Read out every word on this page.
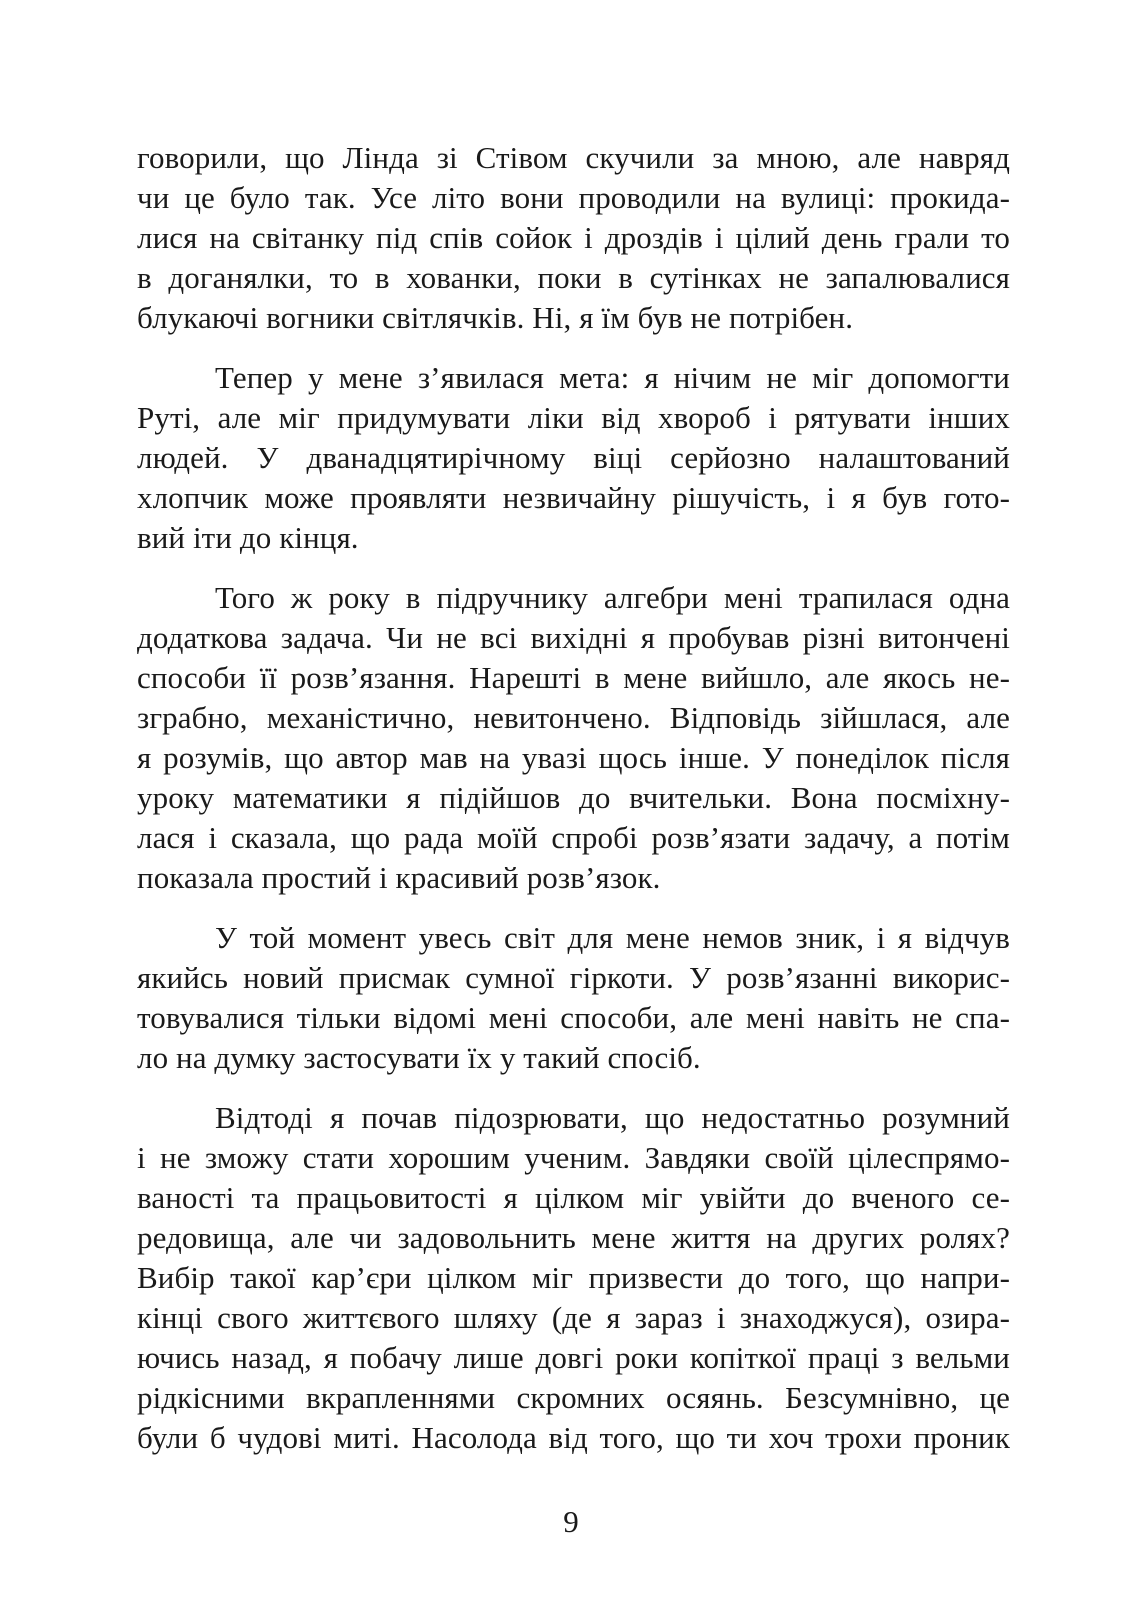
говорили, що Лінда зі Стівом скучили за мною, але навряд
чи це було так. Усе літо вони проводили на вулиці: прокида-
лися на світанку під спів сойок і дроздів і цілий день грали то
в доганялки, то в хованки, поки в сутінках не запалювалися
блукаючі вогники світлячків. Ні, я їм був не потрібен.
Тепер у мене з’явилася мета: я нічим не міг допомогти
Руті, але міг придумувати ліки від хвороб і рятувати інших
людей. У дванадцятирічному віці серйозно налаштований
хлопчик може проявляти незвичайну рішучість, і я був гото-
вий іти до кінця.
Того ж року в підручнику алгебри мені трапилася одна
додаткова задача. Чи не всі вихідні я пробував різні витончені
способи її розв’язання. Нарешті в мене вийшло, але якось не-
зграбно, механістично, невитончено. Відповідь зійшлася, але
я розумів, що автор мав на увазі щось інше. У понеділок після
уроку математики я підійшов до вчительки. Вона посміхну-
лася і сказала, що рада моїй спробі розв’язати задачу, а потім
показала простий і красивий розв’язок.
У той момент увесь світ для мене немов зник, і я відчув
якийсь новий присмак сумної гіркоти. У розв’язанні викорис-
товувалися тільки відомі мені способи, але мені навіть не спа-
ло на думку застосувати їх у такий спосіб.
Відтоді я почав підозрювати, що недостатньо розумний
і не зможу стати хорошим ученим. Завдяки своїй цілеспрямо-
ваності та працьовитості я цілком міг увійти до вченого се-
редовища, але чи задовольнить мене життя на других ролях?
Вибір такої кар’єри цілком міг призвести до того, що напри-
кінці свого життєвого шляху (де я зараз і знаходжуся), озира-
ючись назад, я побачу лише довгі роки копіткої праці з вельми
рідкісними вкрапленнями скромних осяянь. Безсумнівно, це
були б чудові миті. Насолода від того, що ти хоч трохи проник
9
